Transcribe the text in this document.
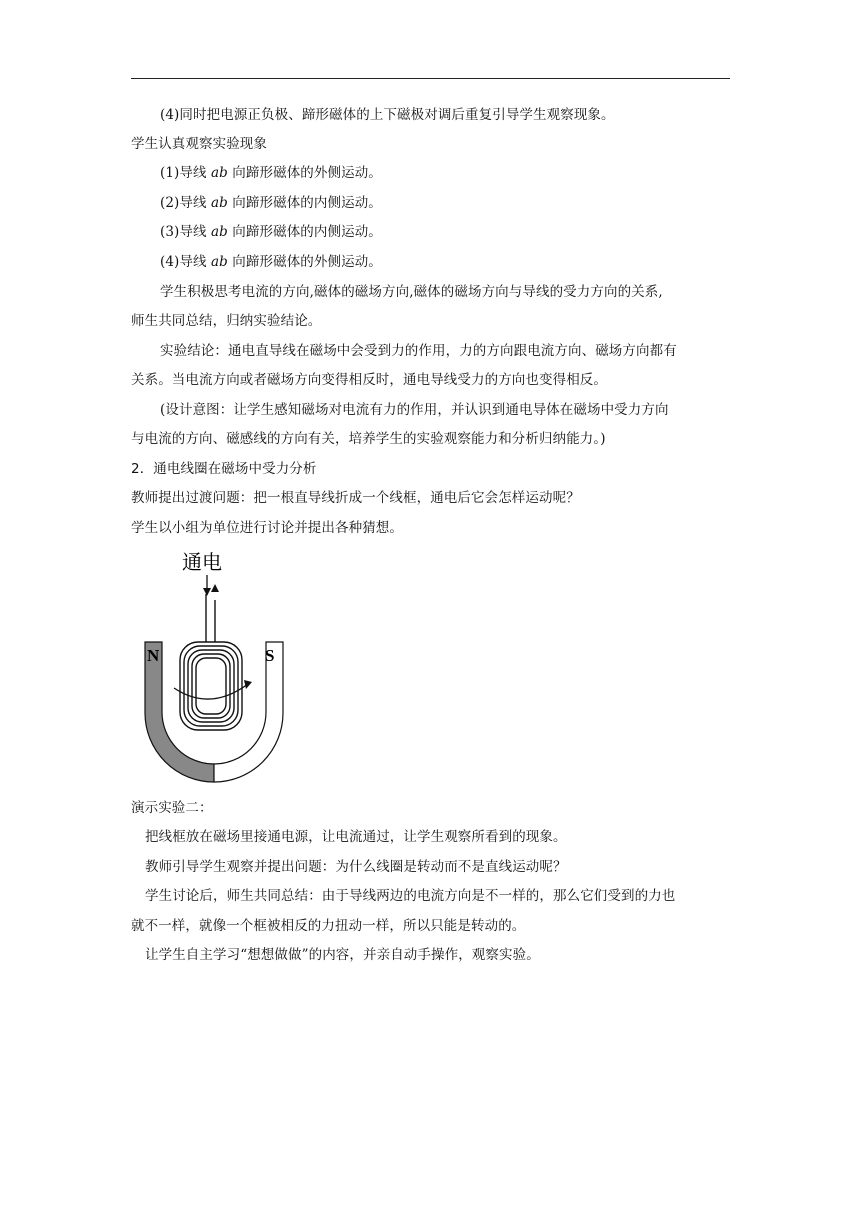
(4)同时把电源正负极、蹄形磁体的上下磁极对调后重复引导学生观察现象。
学生认真观察实验现象
(1)导线 ab 向蹄形磁体的外侧运动。
(2)导线 ab 向蹄形磁体的内侧运动。
(3)导线 ab 向蹄形磁体的内侧运动。
(4)导线 ab 向蹄形磁体的外侧运动。
学生积极思考电流的方向,磁体的磁场方向,磁体的磁场方向与导线的受力方向的关系,
师生共同总结，归纳实验结论。
实验结论：通电直导线在磁场中会受到力的作用，力的方向跟电流方向、磁场方向都有
关系。当电流方向或者磁场方向变得相反时，通电导线受力的方向也变得相反。
(设计意图：让学生感知磁场对电流有力的作用，并认识到通电导体在磁场中受力方向
与电流的方向、磁感线的方向有关，培养学生的实验观察能力和分析归纳能力。)
2．通电线圈在磁场中受力分析
教师提出过渡问题：把一根直导线折成一个线框，通电后它会怎样运动呢？
学生以小组为单位进行讨论并提出各种猜想。
通电
N	S
演示实验二：
把线框放在磁场里接通电源，让电流通过，让学生观察所看到的现象。
教师引导学生观察并提出问题：为什么线圈是转动而不是直线运动呢？
学生讨论后，师生共同总结：由于导线两边的电流方向是不一样的，那么它们受到的力也
就不一样，就像一个框被相反的力扭动一样，所以只能是转动的。
让学生自主学习“想想做做”的内容，并亲自动手操作，观察实验。
